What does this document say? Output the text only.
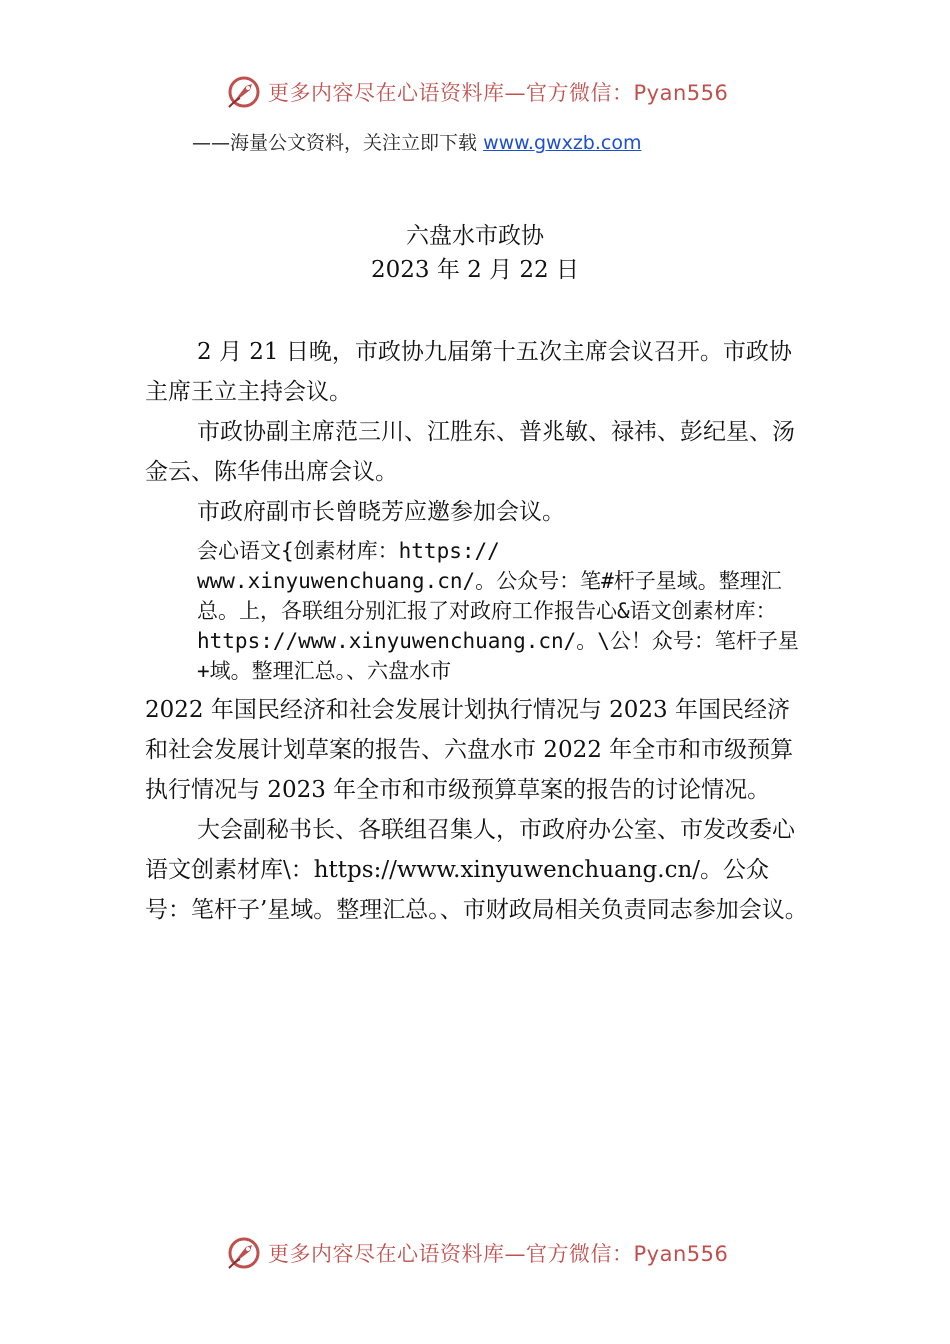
更多内容尽在心语资料库—官方微信：Pyan556
——海量公文资料，关注立即下载 www.gwxzb.com
六盘水市政协
2023 年 2 月 22 日

2 月 21 日晚，市政协九届第十五次主席会议召开。市政协主席王立主持会议。

市政协副主席范三川、江胜东、普兆敏、禄祎、彭纪星、汤金云、陈华伟出席会议。

市政府副市长曾晓芳应邀参加会议。

会心语文{创素材库：https:// www.xinyuwenchuang.cn/。公众号：笔#杆子星域。整理汇总。上，各联组分别汇报了对政府工作报告心&语文创素材库：https://www.xinyuwenchuang.cn/。\公！众号：笔杆子星+域。整理汇总。、六盘水市

2022 年国民经济和社会发展计划执行情况与 2023 年国民经济和社会发展计划草案的报告、六盘水市 2022 年全市和市级预算执行情况与 2023 年全市和市级预算草案的报告的讨论情况。

大会副秘书长、各联组召集人，市政府办公室、市发改委心语文创素材库\：https://www.xinyuwenchuang.cn/。公众号：笔杆子’星域。整理汇总。、市财政局相关负责同志参加会议。

更多内容尽在心语资料库—官方微信：Pyan556
